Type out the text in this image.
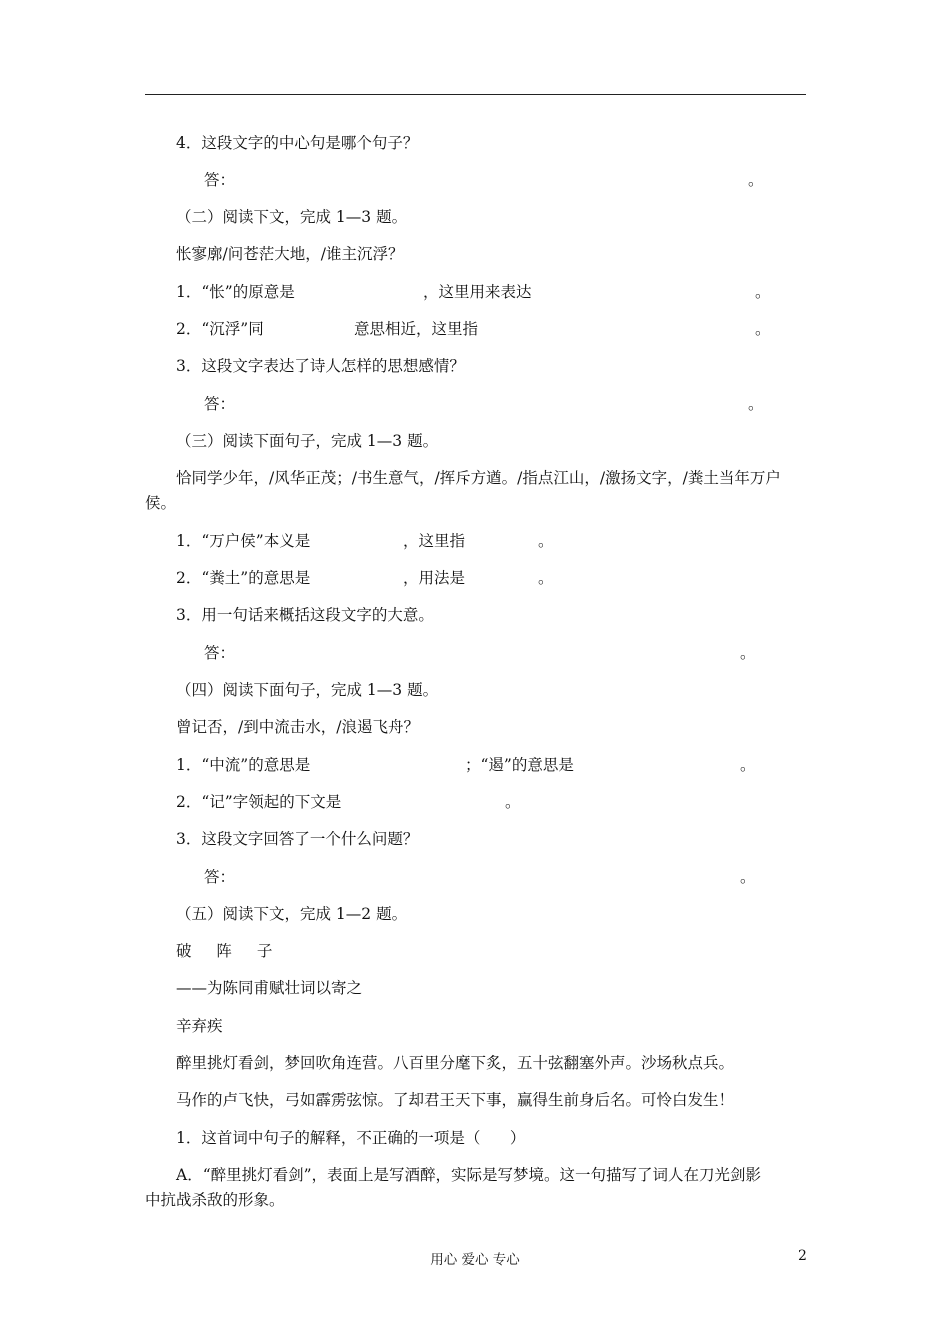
4．这段文字的中心句是哪个句子？
答：	。
（二）阅读下文，完成 1—3 题。
怅寥廓/问苍茫大地，/谁主沉浮？
1．“怅”的原意是	，这里用来表达	。
2．“沉浮”同	意思相近，这里指	。
3．这段文字表达了诗人怎样的思想感情？
答：	。
（三）阅读下面句子，完成 1—3 题。
恰同学少年，/风华正茂；/书生意气，/挥斥方遒。/指点江山，/激扬文字，/粪土当年万户
侯。
1．“万户侯”本义是	，这里指	。
2．“粪土”的意思是	，用法是	。
3．用一句话来概括这段文字的大意。
答：	。
（四）阅读下面句子，完成 1—3 题。
曾记否，/到中流击水，/浪遏飞舟？
1．“中流”的意思是	；“遏”的意思是	。
2．“记”字领起的下文是	。
3．这段文字回答了一个什么问题？
答：	。
（五）阅读下文，完成 1—2 题。
破 阵 子
——为陈同甫赋壮词以寄之
辛弃疾
醉里挑灯看剑，梦回吹角连营。八百里分麾下炙，五十弦翻塞外声。沙场秋点兵。
马作的卢飞快，弓如霹雳弦惊。了却君王天下事，赢得生前身后名。可怜白发生！
1．这首词中句子的解释，不正确的一项是（      ）
A．“醉里挑灯看剑”，表面上是写酒醉，实际是写梦境。这一句描写了词人在刀光剑影
中抗战杀敌的形象。
用心 爱心 专心	2
